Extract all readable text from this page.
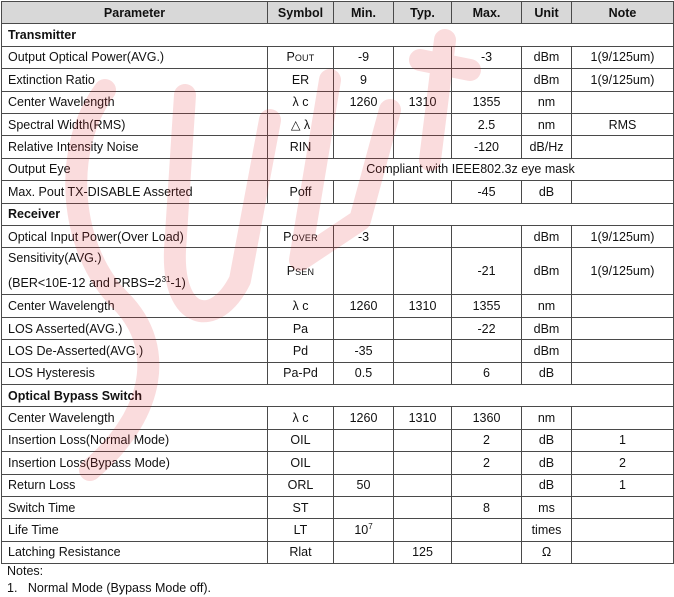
Parameter	Symbol	Min.	Typ.	Max.	Unit	Note
Transmitter						
Output Optical Power(AVG.)	POUT	-9		-3	dBm	1(9/125um)
Extinction Ratio	ER	9			dBm	1(9/125um)
Center Wavelength	λ c	1260	1310	1355	nm	
Spectral Width(RMS)	△ λ			2.5	nm	RMS
Relative Intensity Noise	RIN			-120	dB/Hz	
Output Eye	Compliant with IEEE802.3z eye mask					
Max. Pout TX-DISABLE Asserted	Poff			-45	dB	
Receiver						
Optical Input Power(Over Load)	POVER	-3			dBm	1(9/125um)

Sensitivity(AVG.)
(BER<10E-12 and $PRBS=2^{31}-1$)	PSEN			-21	dBm	1(9/125um)
Center Wavelength	λ c	1260	1310	1355	nm	
LOS Asserted(AVG.)	Pa			-22	dBm	
LOS De-Asserted(AVG.)	Pd	-35			dBm	
LOS Hysteresis	Pa-Pd	0.5		6	dB	
Optical Bypass Switch						
Center Wavelength	λ c	1260	1310	1360	nm	
Insertion Loss(Normal Mode)	OIL			2	dB	1
Insertion Loss(Bypass Mode)	OIL			2	dB	2
Return Loss	ORL	50			dB	1
Switch Time	ST			8	ms	
Life Time	LT	$10^7$			times	
Latching Resistance	Rlat		125		Ω	
Notes:
1.   Normal Mode (Bypass Mode off).
